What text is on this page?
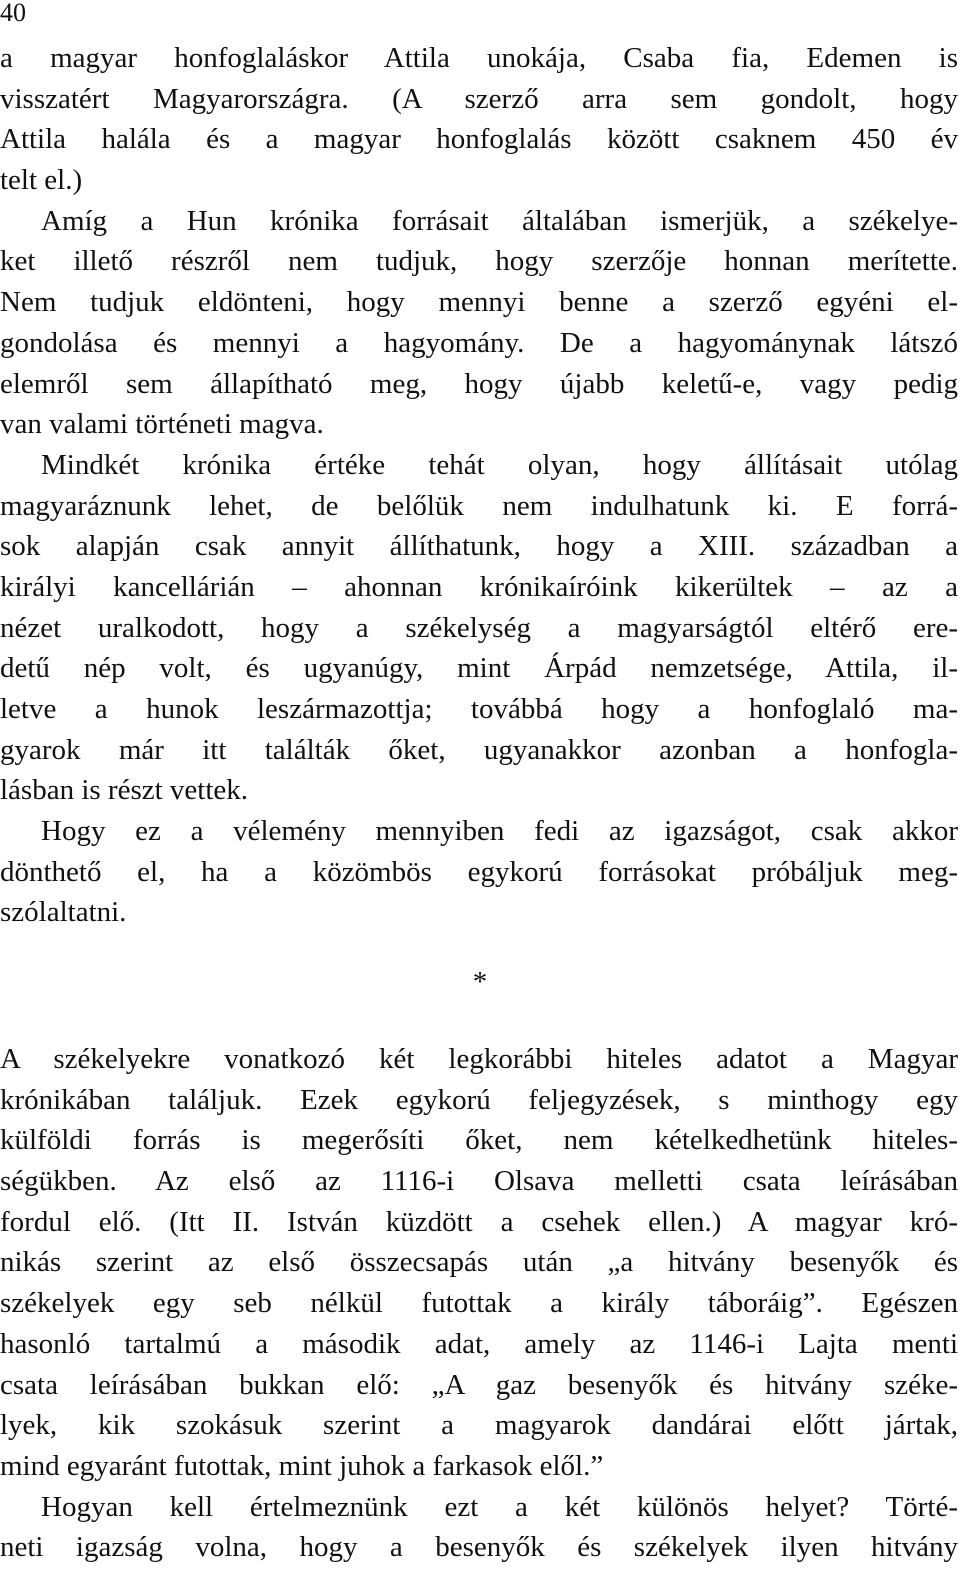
40
a magyar honfoglaláskor Attila unokája, Csaba fia, Edemen is
visszatért Magyarországra. (A szerző arra sem gondolt, hogy
Attila halála és a magyar honfoglalás között csaknem 450 év
telt el.)
Amíg a Hun krónika forrásait általában ismerjük, a székelye-
ket illető részről nem tudjuk, hogy szerzője honnan merítette.
Nem tudjuk eldönteni, hogy mennyi benne a szerző egyéni el-
gondolása és mennyi a hagyomány. De a hagyománynak látszó
elemről sem állapítható meg, hogy újabb keletű-e, vagy pedig
van valami történeti magva.
Mindkét krónika értéke tehát olyan, hogy állításait utólag
magyaráznunk lehet, de belőlük nem indulhatunk ki. E forrá-
sok alapján csak annyit állíthatunk, hogy a XIII. században a
királyi kancellárián – ahonnan krónikaíróink kikerültek – az a
nézet uralkodott, hogy a székelység a magyarságtól eltérő ere-
detű nép volt, és ugyanúgy, mint Árpád nemzetsége, Attila, il-
letve a hunok leszármazottja; továbbá hogy a honfoglaló ma-
gyarok már itt találták őket, ugyanakkor azonban a honfogla-
lásban is részt vettek.
Hogy ez a vélemény mennyiben fedi az igazságot, csak akkor
dönthető el, ha a közömbös egykorú forrásokat próbáljuk meg-
szólaltatni.
*
A székelyekre vonatkozó két legkorábbi hiteles adatot a Magyar
krónikában találjuk. Ezek egykorú feljegyzések, s minthogy egy
külföldi forrás is megerősíti őket, nem kételkedhetünk hiteles-
ségükben. Az első az 1116-i Olsava melletti csata leírásában
fordul elő. (Itt II. István küzdött a csehek ellen.) A magyar kró-
nikás szerint az első összecsapás után „a hitvány besenyők és
székelyek egy seb nélkül futottak a király táboráig”. Egészen
hasonló tartalmú a második adat, amely az 1146-i Lajta menti
csata leírásában bukkan elő: „A gaz besenyők és hitvány széke-
lyek, kik szokásuk szerint a magyarok dandárai előtt jártak,
mind egyaránt futottak, mint juhok a farkasok elől.”
Hogyan kell értelmeznünk ezt a két különös helyet? Törté-
neti igazság volna, hogy a besenyők és székelyek ilyen hitvány
